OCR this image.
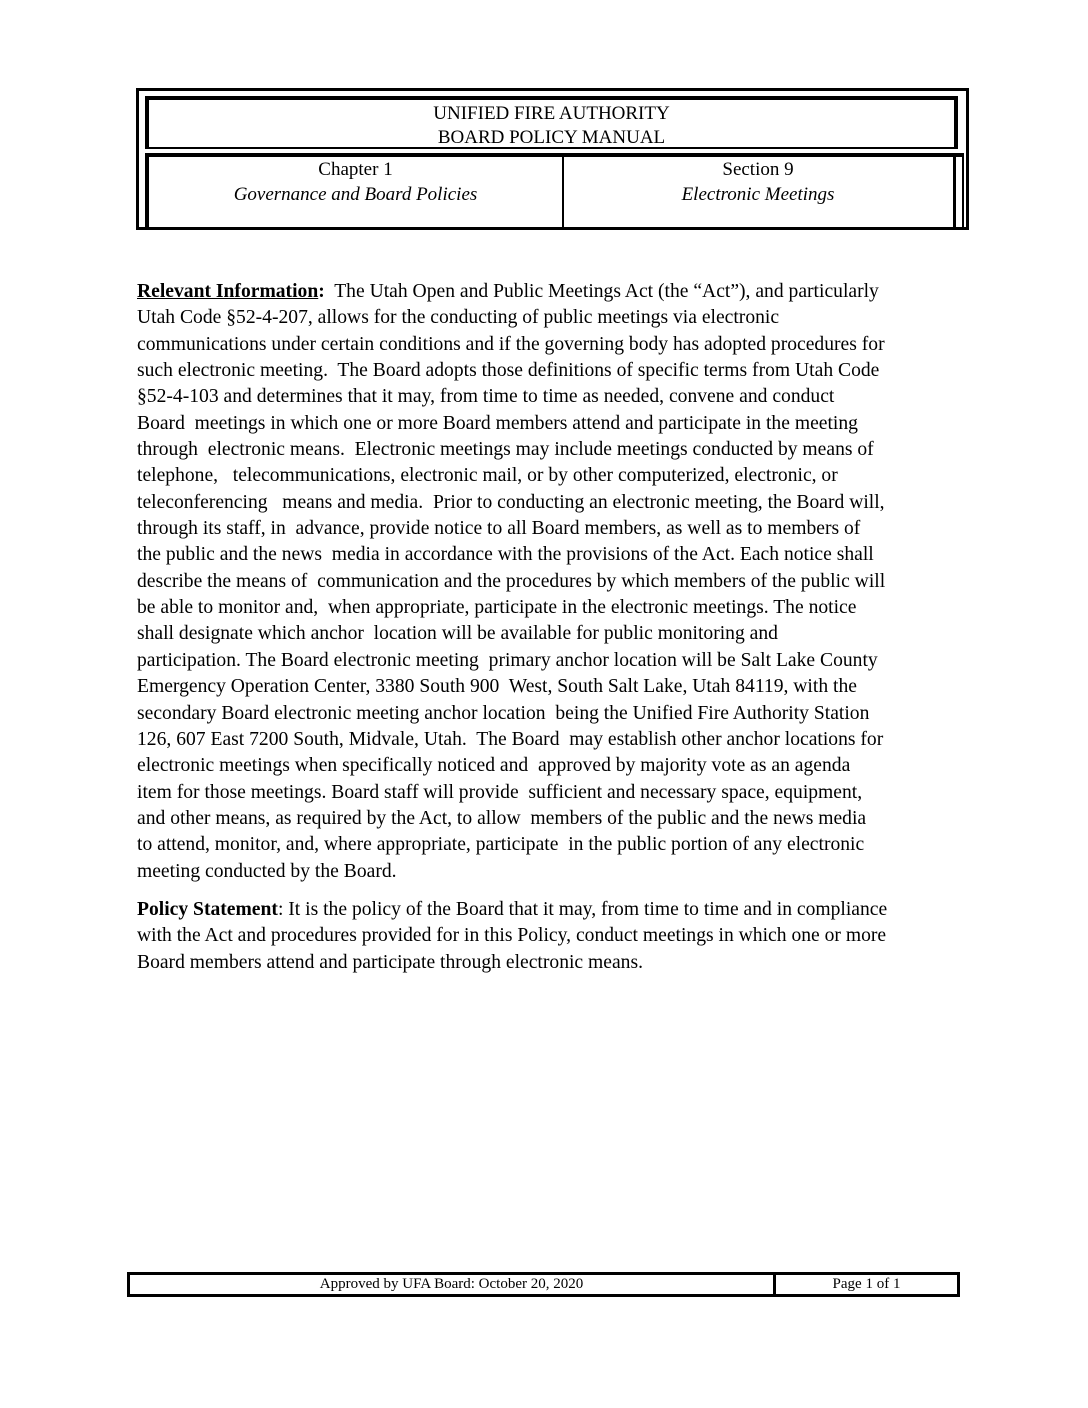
UNIFIED FIRE AUTHORITY
BOARD POLICY MANUAL
Chapter 1
Governance and Board Policies
Section 9
Electronic Meetings

Relevant Information:  The Utah Open and Public Meetings Act (the “Act”), and particularly
Utah Code §52-4-207, allows for the conducting of public meetings via electronic
communications under certain conditions and if the governing body has adopted procedures for
such electronic meeting.  The Board adopts those definitions of specific terms from Utah Code
§52-4-103 and determines that it may, from time to time as needed, convene and conduct
Board  meetings in which one or more Board members attend and participate in the meeting
through  electronic means.  Electronic meetings may include meetings conducted by means of
telephone,   telecommunications, electronic mail, or by other computerized, electronic, or
teleconferencing   means and media.  Prior to conducting an electronic meeting, the Board will,
through its staff, in  advance, provide notice to all Board members, as well as to members of
the public and the news  media in accordance with the provisions of the Act. Each notice shall
describe the means of  communication and the procedures by which members of the public will
be able to monitor and,  when appropriate, participate in the electronic meetings. The notice
shall designate which anchor  location will be available for public monitoring and
participation. The Board electronic meeting  primary anchor location will be Salt Lake County
Emergency Operation Center, 3380 South 900  West, South Salt Lake, Utah 84119, with the
secondary Board electronic meeting anchor location  being the Unified Fire Authority Station
126, 607 East 7200 South, Midvale, Utah.  The Board  may establish other anchor locations for
electronic meetings when specifically noticed and  approved by majority vote as an agenda
item for those meetings. Board staff will provide  sufficient and necessary space, equipment,
and other means, as required by the Act, to allow  members of the public and the news media
to attend, monitor, and, where appropriate, participate  in the public portion of any electronic
meeting conducted by the Board.

Policy Statement: It is the policy of the Board that it may, from time to time and in compliance
with the Act and procedures provided for in this Policy, conduct meetings in which one or more
Board members attend and participate through electronic means.

Approved by UFA Board: October 20, 2020	Page 1 of 1
